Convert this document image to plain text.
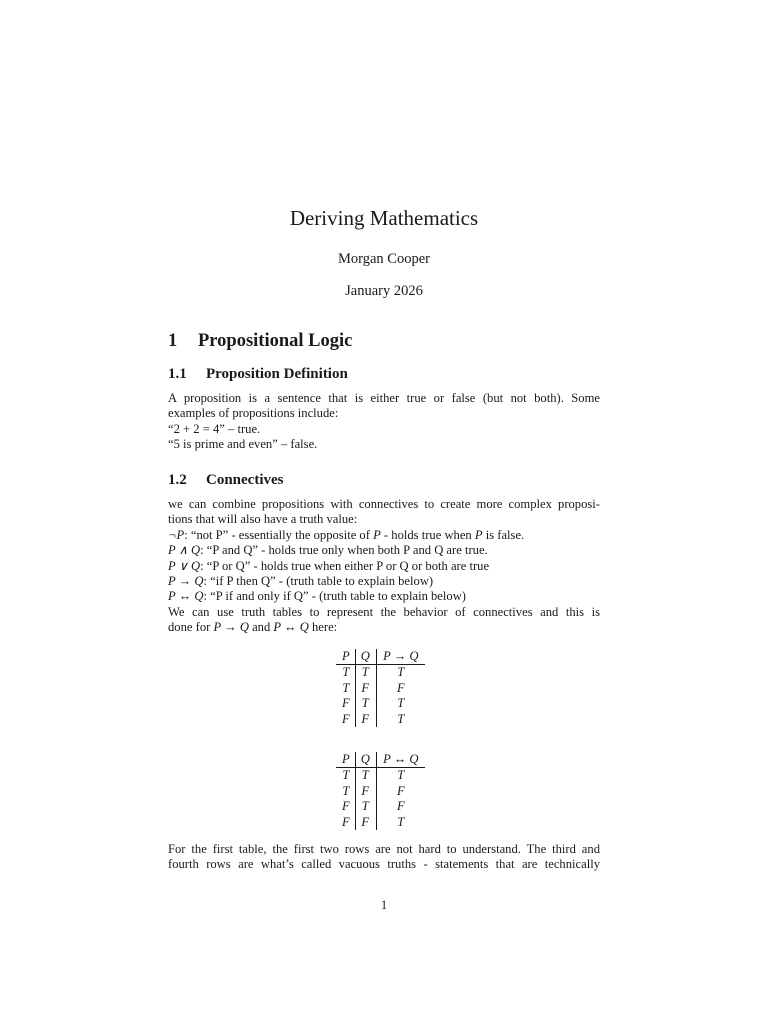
Deriving Mathematics
Morgan Cooper
January 2026
1 Propositional Logic
1.1 Proposition Definition
A proposition is a sentence that is either true or false (but not both). Some
examples of propositions include:
“2 + 2 = 4” – true.
“5 is prime and even” – false.
1.2 Connectives
we can combine propositions with connectives to create more complex proposi-
tions that will also have a truth value:
¬P: “not P” - essentially the opposite of P - holds true when P is false.
P ∧ Q: “P and Q” - holds true only when both P and Q are true.
P ∨ Q: “P or Q” - holds true when either P or Q or both are true
P → Q: “if P then Q” - (truth table to explain below)
P ↔ Q: “P if and only if Q” - (truth table to explain below)
We can use truth tables to represent the behavior of connectives and this is
done for P → Q and P ↔ Q here:
P	Q	P → Q
T	T	T
T	F	F
F	T	T
F	F	T
P	Q	P ↔ Q
T	T	T
T	F	F
F	T	F
F	F	T
For the first table, the first two rows are not hard to understand. The third and
fourth rows are what’s called vacuous truths - statements that are technically
1
